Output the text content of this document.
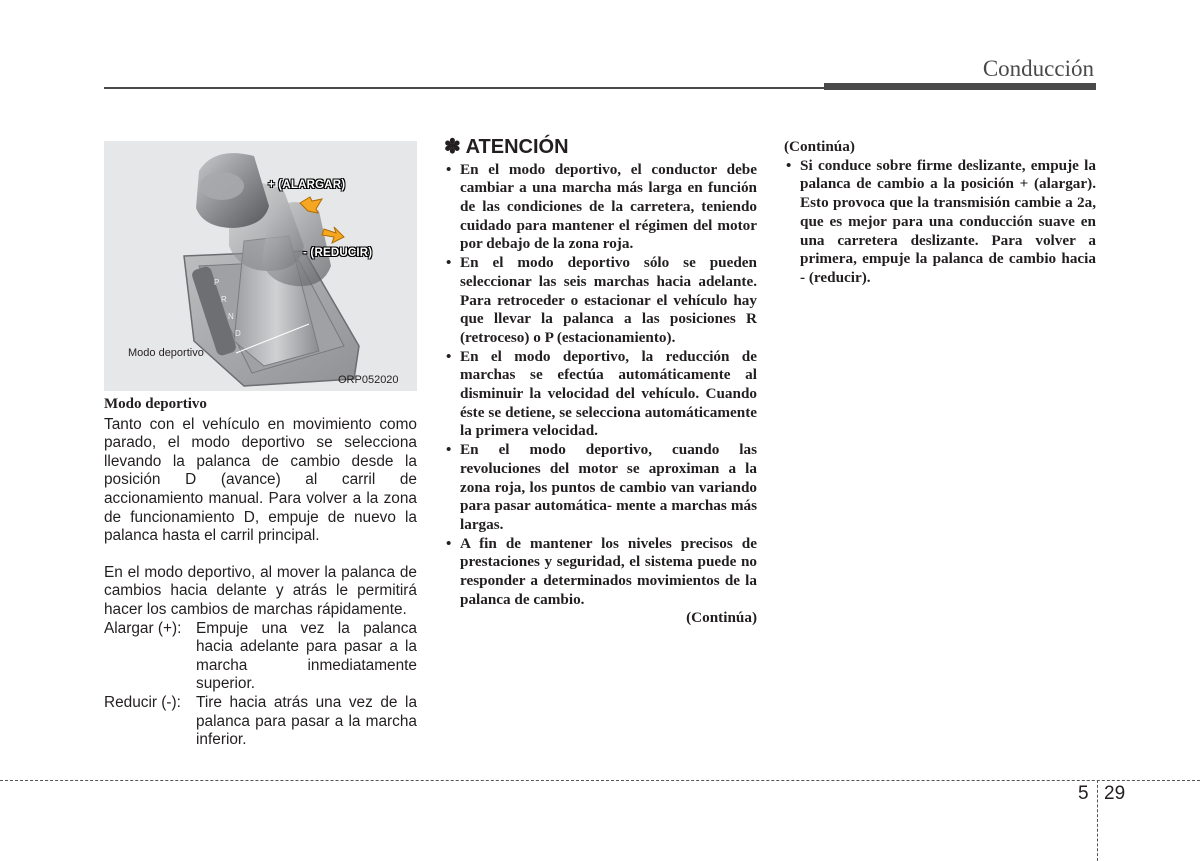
Conducción
+ (ALARGAR)
- (REDUCIR)
Modo deportivo
ORP052020
P
R
N
D
Modo deportivo

Tanto con el vehículo en movimiento como parado, el modo deportivo se selecciona llevando la palanca de cambio desde la posición D (avance) al carril de accionamiento manual. Para volver a la zona de funcionamiento D, empuje de nuevo la palanca hasta el carril principal.

En el modo deportivo, al mover la palanca de cambios hacia delante y atrás le permitirá hacer los cambios de marchas rápidamente.

Alargar (+): Empuje una vez la palanca hacia adelante para pasar a la marcha inmediatamente superior.
Reducir (-): Tire hacia atrás una vez de la palanca para pasar a la marcha inferior.
✽ ATENCIÓN
• En el modo deportivo, el conductor debe cambiar a una marcha más larga en función de las condiciones de la carretera, teniendo cuidado para mantener el régimen del motor por debajo de la zona roja.
• En el modo deportivo sólo se pueden seleccionar las seis marchas hacia adelante. Para retroceder o estacionar el vehículo hay que llevar la palanca a las posiciones R (retroceso) o P (estacionamiento).
• En el modo deportivo, la reducción de marchas se efectúa automáticamente al disminuir la velocidad del vehículo. Cuando éste se detiene, se selecciona automáticamente la primera velocidad.
• En el modo deportivo, cuando las revoluciones del motor se aproximan a la zona roja, los puntos de cambio van variando para pasar automática- mente a marchas más largas.
• A fin de mantener los niveles precisos de prestaciones y seguridad, el sistema puede no responder a determinados movimientos de la palanca de cambio.
(Continúa)
(Continúa)
• Si conduce sobre firme deslizante, empuje la palanca de cambio a la posición + (alargar). Esto provoca que la transmisión cambie a 2a, que es mejor para una conducción suave en una carretera deslizante. Para volver a primera, empuje la palanca de cambio hacia - (reducir).
5 29
